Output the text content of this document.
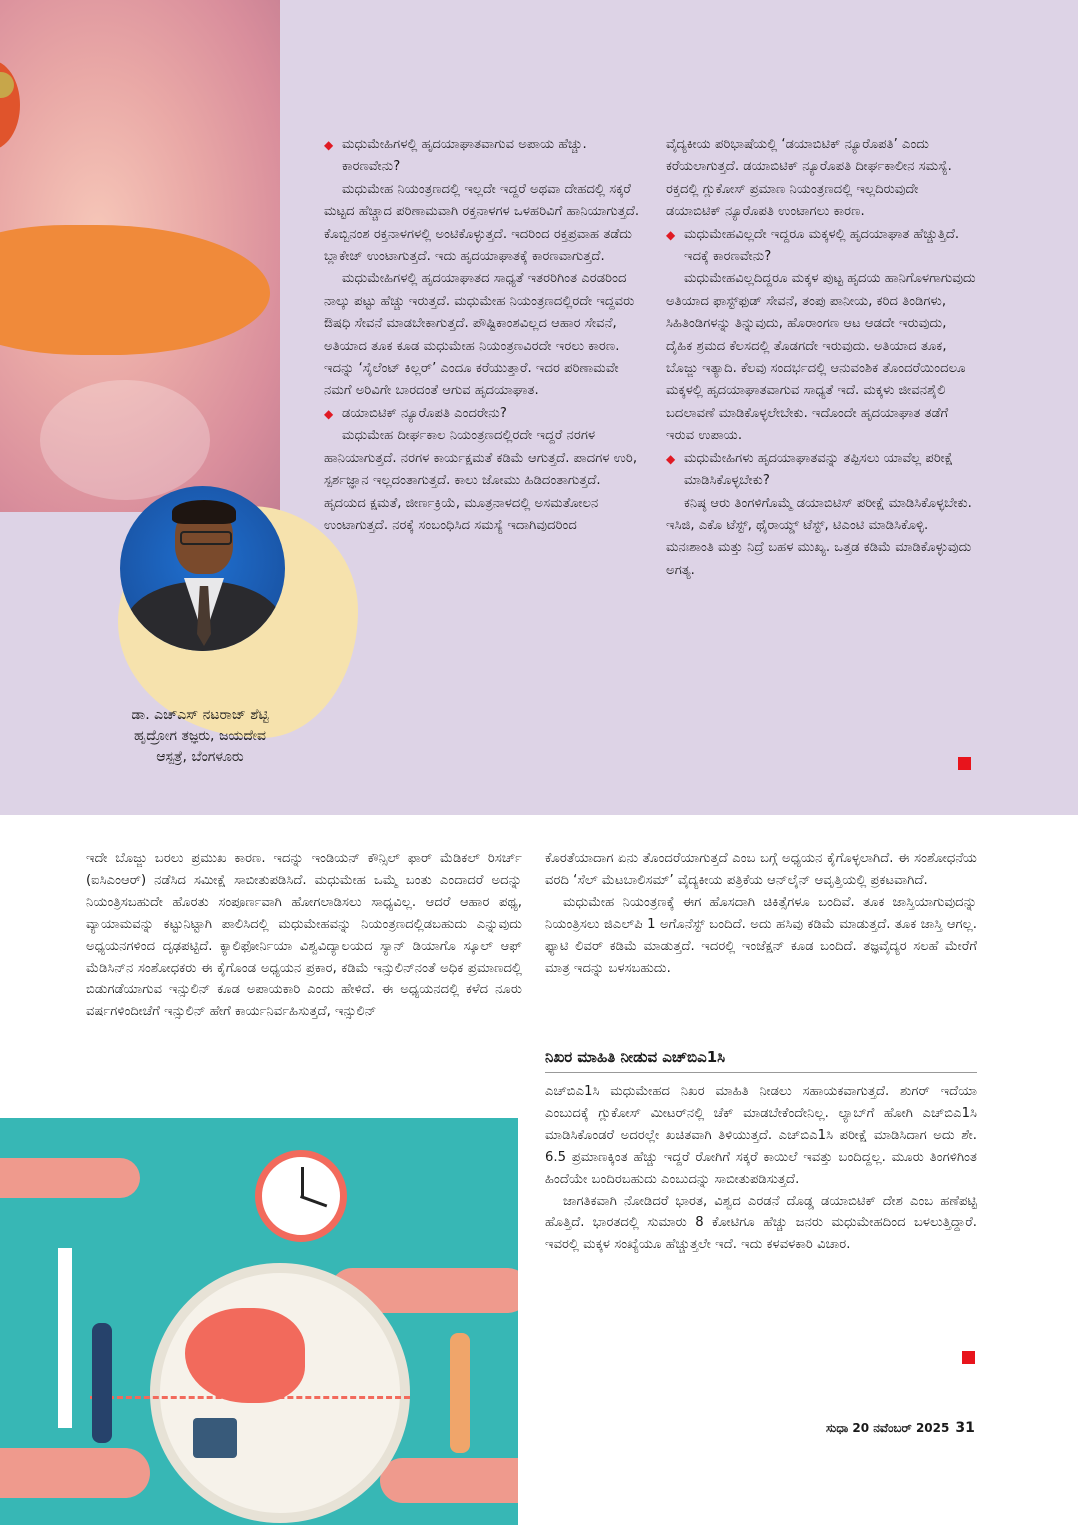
ಡಾ. ಎಚ್‌ಎಸ್ ನಟರಾಜ್ ಶೆಟ್ಟಿ
ಹೃದ್ರೋಗ ತಜ್ಞರು, ಜಯದೇವ
ಆಸ್ಪತ್ರೆ, ಬೆಂಗಳೂರು

◆ ಮಧುಮೇಹಿಗಳಲ್ಲಿ ಹೃದಯಾಘಾತವಾಗುವ ಅಪಾಯ ಹೆಚ್ಚು. ಕಾರಣವೇನು?

ಮಧುಮೇಹ ನಿಯಂತ್ರಣದಲ್ಲಿ ಇಲ್ಲದೇ ಇದ್ದರೆ ಅಥವಾ ದೇಹದಲ್ಲಿ ಸಕ್ಕರೆ ಮಟ್ಟದ ಹೆಚ್ಚಾದ ಪರಿಣಾಮವಾಗಿ ರಕ್ತನಾಳಗಳ ಒಳಹರಿವಿಗೆ ಹಾನಿಯಾಗುತ್ತದೆ. ಕೊಬ್ಬಿನಂಶ ರಕ್ತನಾಳಗಳಲ್ಲಿ ಅಂಟಿಕೊಳ್ಳುತ್ತದೆ. ಇದರಿಂದ ರಕ್ತಪ್ರವಾಹ ತಡೆದು ಬ್ಲಾಕೇಜ್ ಉಂಟಾಗುತ್ತದೆ. ಇದು ಹೃದಯಾಘಾತಕ್ಕೆ ಕಾರಣವಾಗುತ್ತದೆ.

ಮಧುಮೇಹಿಗಳಲ್ಲಿ ಹೃದಯಾಘಾತದ ಸಾಧ್ಯತೆ ಇತರರಿಗಿಂತ ಎರಡರಿಂದ ನಾಲ್ಕು ಪಟ್ಟು ಹೆಚ್ಚು ಇರುತ್ತದೆ. ಮಧುಮೇಹ ನಿಯಂತ್ರಣದಲ್ಲಿರದೇ ಇದ್ದವರು ಔಷಧಿ ಸೇವನೆ ಮಾಡಬೇಕಾಗುತ್ತದೆ. ಪೌಷ್ಟಿಕಾಂಶವಿಲ್ಲದ ಆಹಾರ ಸೇವನೆ, ಅತಿಯಾದ ತೂಕ ಕೂಡ ಮಧುಮೇಹ ನಿಯಂತ್ರಣವಿರದೇ ಇರಲು ಕಾರಣ. ಇದನ್ನು ‘ಸೈಲೆಂಟ್ ಕಿಲ್ಲರ್’ ಎಂದೂ ಕರೆಯುತ್ತಾರೆ. ಇದರ ಪರಿಣಾಮವೇ ನಮಗೆ ಅರಿವಿಗೇ ಬಾರದಂತೆ ಆಗುವ ಹೃದಯಾಘಾತ.

◆ ಡಯಾಬಿಟಿಕ್ ನ್ಯೂರೊಪತಿ ಎಂದರೇನು?

ಮಧುಮೇಹ ದೀರ್ಘಕಾಲ ನಿಯಂತ್ರಣದಲ್ಲಿರದೇ ಇದ್ದರೆ ನರಗಳ ಹಾನಿಯಾಗುತ್ತದೆ. ನರಗಳ ಕಾರ್ಯಕ್ಷಮತೆ ಕಡಿಮೆ ಆಗುತ್ತದೆ. ಪಾದಗಳ ಉರಿ, ಸ್ಪರ್ಶಜ್ಞಾನ ಇಲ್ಲದಂತಾಗುತ್ತದೆ. ಕಾಲು ಜೋಮು ಹಿಡಿದಂತಾಗುತ್ತದೆ. ಹೃದಯದ ಕ್ಷಮತೆ, ಜೀರ್ಣಕ್ರಿಯೆ, ಮೂತ್ರನಾಳದಲ್ಲಿ ಅಸಮತೋಲನ ಉಂಟಾಗುತ್ತದೆ. ನರಕ್ಕೆ ಸಂಬಂಧಿಸಿದ ಸಮಸ್ಯೆ ಇದಾಗಿವುದರಿಂದ

ವೈದ್ಯಕೀಯ ಪರಿಭಾಷೆಯಲ್ಲಿ ‘ಡಯಾಬಿಟಿಕ್ ನ್ಯೂರೊಪತಿ’ ಎಂದು ಕರೆಯಲಾಗುತ್ತದೆ. ಡಯಾಬಿಟಿಕ್ ನ್ಯೂರೊಪತಿ ದೀರ್ಘಕಾಲೀನ ಸಮಸ್ಯೆ. ರಕ್ತದಲ್ಲಿ ಗ್ಲುಕೋಸ್ ಪ್ರಮಾಣ ನಿಯಂತ್ರಣದಲ್ಲಿ ಇಲ್ಲದಿರುವುದೇ ಡಯಾಬಿಟಿಕ್ ನ್ಯೂರೊಪತಿ ಉಂಟಾಗಲು ಕಾರಣ.

◆ ಮಧುಮೇಹವಿಲ್ಲದೇ ಇದ್ದರೂ ಮಕ್ಕಳಲ್ಲಿ ಹೃದಯಾಘಾತ ಹೆಚ್ಚುತ್ತಿದೆ. ಇದಕ್ಕೆ ಕಾರಣವೇನು?

ಮಧುಮೇಹವಿಲ್ಲದಿದ್ದರೂ ಮಕ್ಕಳ ಪುಟ್ಟ ಹೃದಯ ಹಾನಿಗೊಳಗಾಗುವುದು ಅತಿಯಾದ ಫಾಸ್ಟ್‌ಫುಡ್ ಸೇವನೆ, ತಂಪು ಪಾನೀಯ, ಕರಿದ ತಿಂಡಿಗಳು, ಸಿಹಿತಿಂಡಿಗಳನ್ನು ತಿನ್ನುವುದು, ಹೊರಾಂಗಣ ಆಟ ಆಡದೇ ಇರುವುದು, ದೈಹಿಕ ಶ್ರಮದ ಕೆಲಸದಲ್ಲಿ ತೊಡಗದೇ ಇರುವುದು. ಅತಿಯಾದ ತೂಕ, ಬೊಜ್ಜು ಇತ್ಯಾದಿ. ಕೆಲವು ಸಂದರ್ಭದಲ್ಲಿ ಆನುವಂಶಿಕ ತೊಂದರೆಯಿಂದಲೂ ಮಕ್ಕಳಲ್ಲಿ ಹೃದಯಾಘಾತವಾಗುವ ಸಾಧ್ಯತೆ ಇದೆ. ಮಕ್ಕಳು ಜೀವನಶೈಲಿ ಬದಲಾವಣೆ ಮಾಡಿಕೊಳ್ಳಲೇಬೇಕು. ಇದೊಂದೇ ಹೃದಯಾಘಾತ ತಡೆಗೆ ಇರುವ ಉಪಾಯ.

◆ ಮಧುಮೇಹಿಗಳು ಹೃದಯಾಘಾತವನ್ನು ತಪ್ಪಿಸಲು ಯಾವೆಲ್ಲ ಪರೀಕ್ಷೆ ಮಾಡಿಸಿಕೊಳ್ಳಬೇಕು?

ಕನಿಷ್ಠ ಆರು ತಿಂಗಳಿಗೊಮ್ಮೆ ಡಯಾಬಿಟಿಸ್ ಪರೀಕ್ಷೆ ಮಾಡಿಸಿಕೊಳ್ಳಬೇಕು. ಇಸಿಜಿ, ಎಕೊ ಟೆಸ್ಟ್, ಥೈರಾಯ್ಡ್ ಟೆಸ್ಟ್, ಟಿಎಂಟಿ ಮಾಡಿಸಿಕೊಳ್ಳಿ. ಮನಃಶಾಂತಿ ಮತ್ತು ನಿದ್ರೆ ಬಹಳ ಮುಖ್ಯ. ಒತ್ತಡ ಕಡಿಮೆ ಮಾಡಿಕೊಳ್ಳುವುದು ಅಗತ್ಯ.

ಇದೇ ಬೊಜ್ಜು ಬರಲು ಪ್ರಮುಖ ಕಾರಣ. ಇದನ್ನು ಇಂಡಿಯನ್ ಕೌನ್ಸಿಲ್ ಫಾರ್ ಮೆಡಿಕಲ್ ರಿಸರ್ಚ್ (ಐಸಿಎಂಆರ್) ನಡೆಸಿದ ಸಮೀಕ್ಷೆ ಸಾಬೀತುಪಡಿಸಿದೆ. ಮಧುಮೇಹ ಒಮ್ಮೆ ಬಂತು ಎಂದಾದರೆ ಅದನ್ನು ನಿಯಂತ್ರಿಸಬಹುದೇ ಹೊರತು ಸಂಪೂರ್ಣವಾಗಿ ಹೋಗಲಾಡಿಸಲು ಸಾಧ್ಯವಿಲ್ಲ. ಆದರೆ ಆಹಾರ ಪಥ್ಯ, ವ್ಯಾಯಾಮವನ್ನು ಕಟ್ಟುನಿಟ್ಟಾಗಿ ಪಾಲಿಸಿದಲ್ಲಿ ಮಧುಮೇಹವನ್ನು ನಿಯಂತ್ರಣದಲ್ಲಿಡಬಹುದು ಎನ್ನುವುದು ಅಧ್ಯಯನಗಳಿಂದ ದೃಢಪಟ್ಟಿದೆ. ಕ್ಯಾಲಿಫೋರ್ನಿಯಾ ವಿಶ್ವವಿದ್ಯಾಲಯದ ಸ್ಯಾನ್ ಡಿಯಾಗೊ ಸ್ಕೂಲ್ ಆಫ್ ಮೆಡಿಸಿನ್‌ನ ಸಂಶೋಧಕರು ಈ ಕೈಗೊಂಡ ಅಧ್ಯಯನ ಪ್ರಕಾರ, ಕಡಿಮೆ ಇನ್ಸುಲಿನ್‌ನಂತೆ ಅಧಿಕ ಪ್ರಮಾಣದಲ್ಲಿ ಬಿಡುಗಡೆಯಾಗುವ ಇನ್ಸುಲಿನ್ ಕೂಡ ಅಪಾಯಕಾರಿ ಎಂದು ಹೇಳಿದೆ. ಈ ಅಧ್ಯಯನದಲ್ಲಿ ಕಳೆದ ನೂರು ವರ್ಷಗಳಿಂದೀಚೆಗೆ ಇನ್ಸುಲಿನ್ ಹೇಗೆ ಕಾರ್ಯನಿರ್ವಹಿಸುತ್ತದೆ, ಇನ್ಸುಲಿನ್

ಕೊರತೆಯಾದಾಗ ಏನು ತೊಂದರೆಯಾಗುತ್ತದೆ ಎಂಬ ಬಗ್ಗೆ ಅಧ್ಯಯನ ಕೈಗೊಳ್ಳಲಾಗಿದೆ. ಈ ಸಂಶೋಧನೆಯ ವರದಿ ‘ಸೆಲ್ ಮೆಟಬಾಲಿಸಮ್’ ವೈದ್ಯಕೀಯ ಪತ್ರಿಕೆಯ ಆನ್‌ಲೈನ್ ಆವೃತ್ತಿಯಲ್ಲಿ ಪ್ರಕಟವಾಗಿದೆ.

ಮಧುಮೇಹ ನಿಯಂತ್ರಣಕ್ಕೆ ಈಗ ಹೊಸದಾಗಿ ಚಿಕಿತ್ಸೆಗಳೂ ಬಂದಿವೆ. ತೂಕ ಜಾಸ್ತಿಯಾಗುವುದನ್ನು ನಿಯಂತ್ರಿಸಲು ಜಿಎಲ್‌ಪಿ 1 ಅಗೊನೆಸ್ಟ್ ಬಂದಿದೆ. ಅದು ಹಸಿವು ಕಡಿಮೆ ಮಾಡುತ್ತದೆ. ತೂಕ ಜಾಸ್ತಿ ಆಗಲ್ಲ. ಫ್ಯಾಟಿ ಲಿವರ್ ಕಡಿಮೆ ಮಾಡುತ್ತದೆ. ಇದರಲ್ಲಿ ಇಂಜೆಕ್ಷನ್ ಕೂಡ ಬಂದಿದೆ. ತಜ್ಞವೈದ್ಯರ ಸಲಹೆ ಮೇರೆಗೆ ಮಾತ್ರ ಇದನ್ನು ಬಳಸಬಹುದು.

ನಿಖರ ಮಾಹಿತಿ ನೀಡುವ ಎಚ್‌ಬಿಎ1ಸಿ

ಎಚ್‌ಬಿಎ1ಸಿ ಮಧುಮೇಹದ ನಿಖರ ಮಾಹಿತಿ ನೀಡಲು ಸಹಾಯಕವಾಗುತ್ತದೆ. ಶುಗರ್ ಇದೆಯಾ ಎಂಬುದಕ್ಕೆ ಗ್ಲುಕೋಸ್ ಮೀಟರ್‌ನಲ್ಲಿ ಚೆಕ್ ಮಾಡಬೇಕೆಂದೇನಿಲ್ಲ. ಲ್ಯಾಬ್‌ಗೆ ಹೋಗಿ ಎಚ್‌ಬಿಎ1ಸಿ ಮಾಡಿಸಿಕೊಂಡರೆ ಅದರಲ್ಲೇ ಖಚಿತವಾಗಿ ತಿಳಿಯುತ್ತದೆ. ಎಚ್‌ಬಿಎ1ಸಿ ಪರೀಕ್ಷೆ ಮಾಡಿಸಿದಾಗ ಅದು ಶೇ. 6.5 ಪ್ರಮಾಣಕ್ಕಿಂತ ಹೆಚ್ಚು ಇದ್ದರೆ ರೋಗಿಗೆ ಸಕ್ಕರೆ ಕಾಯಿಲೆ ಇವತ್ತು ಬಂದಿದ್ದಲ್ಲ. ಮೂರು ತಿಂಗಳಿಗಿಂತ ಹಿಂದೆಯೇ ಬಂದಿರಬಹುದು ಎಂಬುದನ್ನು ಸಾಬೀತುಪಡಿಸುತ್ತದೆ.

ಜಾಗತಿಕವಾಗಿ ನೋಡಿದರೆ ಭಾರತ, ವಿಶ್ವದ ಎರಡನೆ ದೊಡ್ಡ ಡಯಾಬಿಟಿಕ್ ದೇಶ ಎಂಬ ಹಣೆಪಟ್ಟಿ ಹೊತ್ತಿದೆ. ಭಾರತದಲ್ಲಿ ಸುಮಾರು 8 ಕೋಟಿಗೂ ಹೆಚ್ಚು ಜನರು ಮಧುಮೇಹದಿಂದ ಬಳಲುತ್ತಿದ್ದಾರೆ. ಇವರಲ್ಲಿ ಮಕ್ಕಳ ಸಂಖ್ಯೆಯೂ ಹೆಚ್ಚುತ್ತಲೇ ಇದೆ. ಇದು ಕಳವಳಕಾರಿ ವಿಚಾರ.

ಸುಧಾ 20 ನವೆಂಬರ್ 2025 31
